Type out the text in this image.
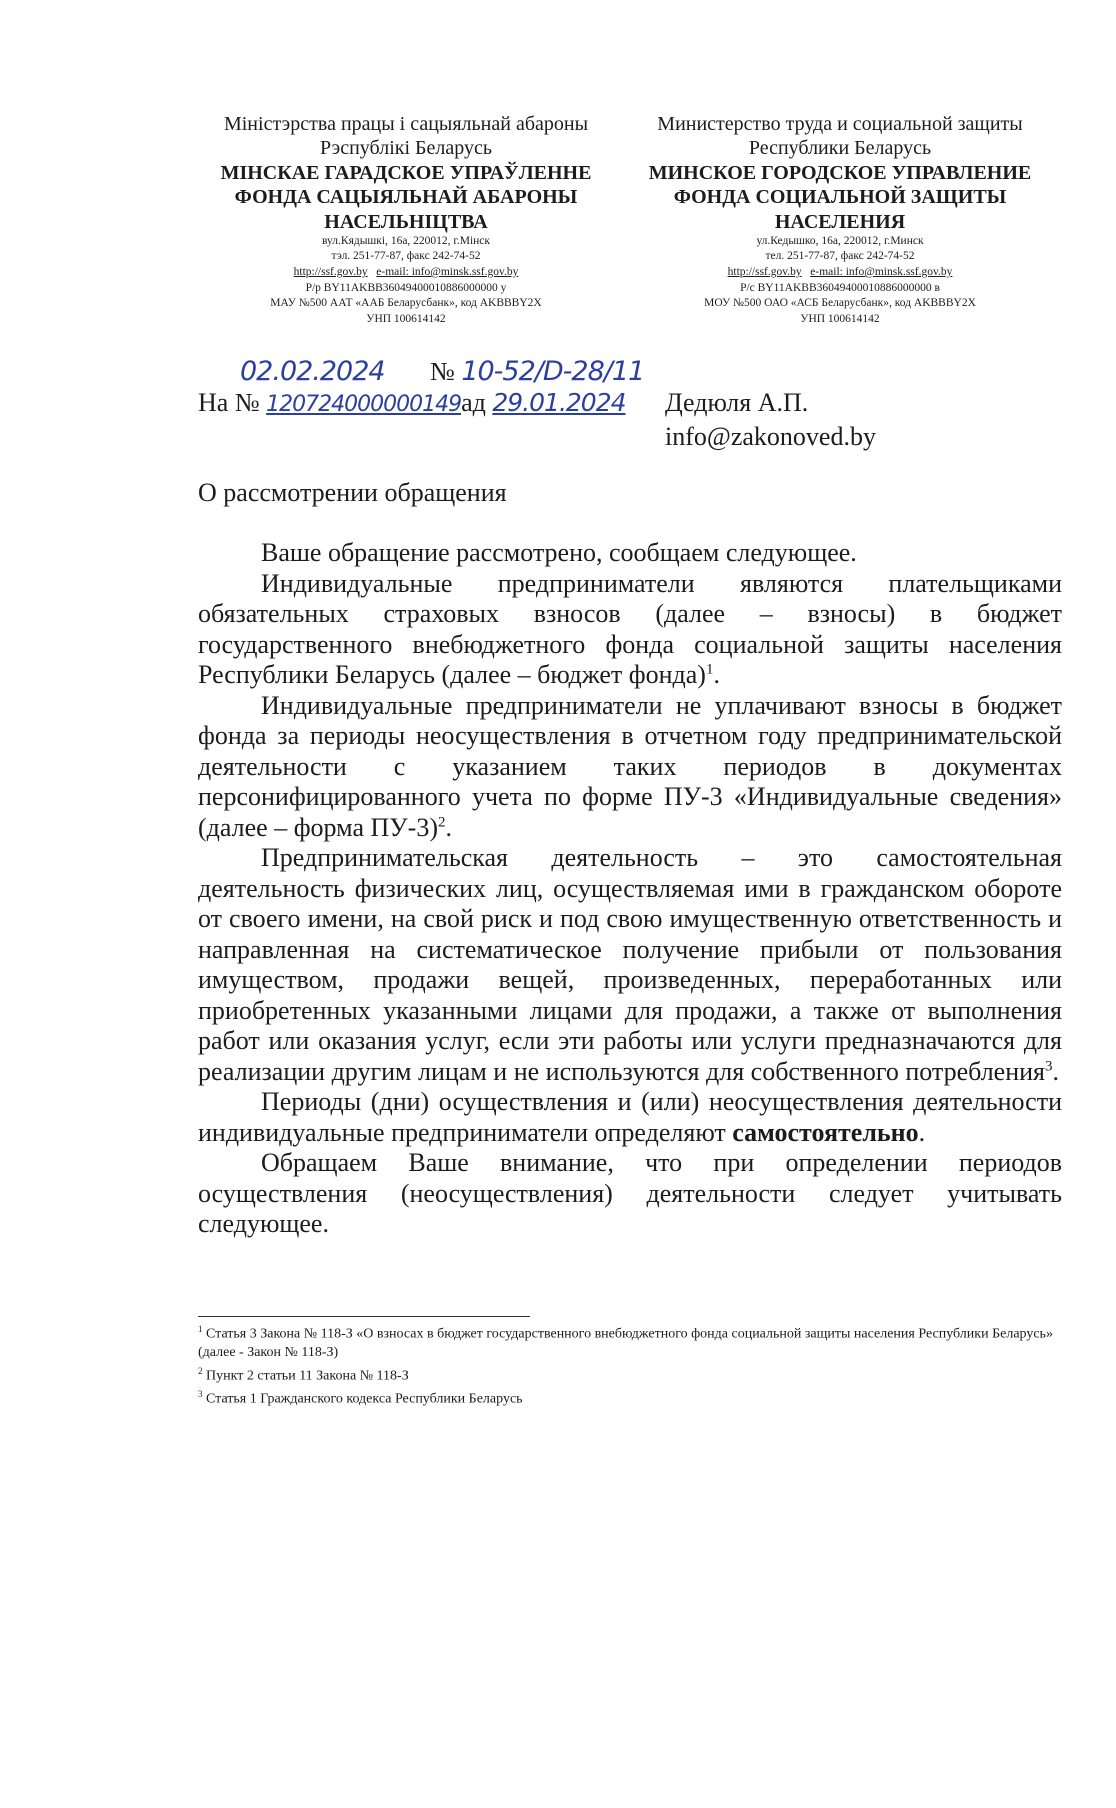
Міністэрства працы і сацыяльнай абароны
Рэспублікі Беларусь
МІНСКАЕ ГАРАДСКОЕ УПРАЎЛЕННЕ
ФОНДА САЦЫЯЛЬНАЙ АБАРОНЫ
НАСЕЛЬНІЦТВА
вул.Кядышкі, 16а, 220012, г.Мінск
тэл. 251-77-87, факс 242-74-52
http://ssf.gov.by e-mail: info@minsk.ssf.gov.by
Р/р BY11AKBB36049400010886000000 у
МАУ №500 ААТ «ААБ Беларусбанк», код AKBBBY2X
УНП 100614142
Министерство труда и социальной защиты
Республики Беларусь
МИНСКОЕ ГОРОДСКОЕ УПРАВЛЕНИЕ
ФОНДА СОЦИАЛЬНОЙ ЗАЩИТЫ
НАСЕЛЕНИЯ
ул.Кедышко, 16а, 220012, г.Минск
тел. 251-77-87, факс 242-74-52
http://ssf.gov.by e-mail: info@minsk.ssf.gov.by
Р/с BY11AKBB36049400010886000000 в
МОУ №500 ОАО «АСБ Беларусбанк», код AKBBBY2X
УНП 100614142
02.02.2024 № 10-52/D-28/11
На № 120724000000149ад 29.01.2024 Дедюля А.П.
info@zakonoved.by
О рассмотрении обращения

Ваше обращение рассмотрено, сообщаем следующее.

Индивидуальные предприниматели являются плательщиками обязательных страховых взносов (далее – взносы) в бюджет государственного внебюджетного фонда социальной защиты населения Республики Беларусь (далее – бюджет фонда)$^1$.

Индивидуальные предприниматели не уплачивают взносы в бюджет фонда за периоды неосуществления в отчетном году предпринимательской деятельности с указанием таких периодов в документах персонифицированного учета по форме ПУ-3 «Индивидуальные сведения» (далее – форма ПУ-3)$^2$.

Предпринимательская деятельность – это самостоятельная деятельность физических лиц, осуществляемая ими в гражданском обороте от своего имени, на свой риск и под свою имущественную ответственность и направленная на систематическое получение прибыли от пользования имуществом, продажи вещей, произведенных, переработанных или приобретенных указанными лицами для продажи, а также от выполнения работ или оказания услуг, если эти работы или услуги предназначаются для реализации другим лицам и не используются для собственного потребления$^3$.

Периоды (дни) осуществления и (или) неосуществления деятельности индивидуальные предприниматели определяют самостоятельно.

Обращаем Ваше внимание, что при определении периодов осуществления (неосуществления) деятельности следует учитывать следующее.

$^1$ Статья 3 Закона № 118-З «О взносах в бюджет государственного внебюджетного фонда социальной защиты населения Республики Беларусь» (далее - Закон № 118-З)
$^2$ Пункт 2 статьи 11 Закона № 118-З
$^3$ Статья 1 Гражданского кодекса Республики Беларусь
